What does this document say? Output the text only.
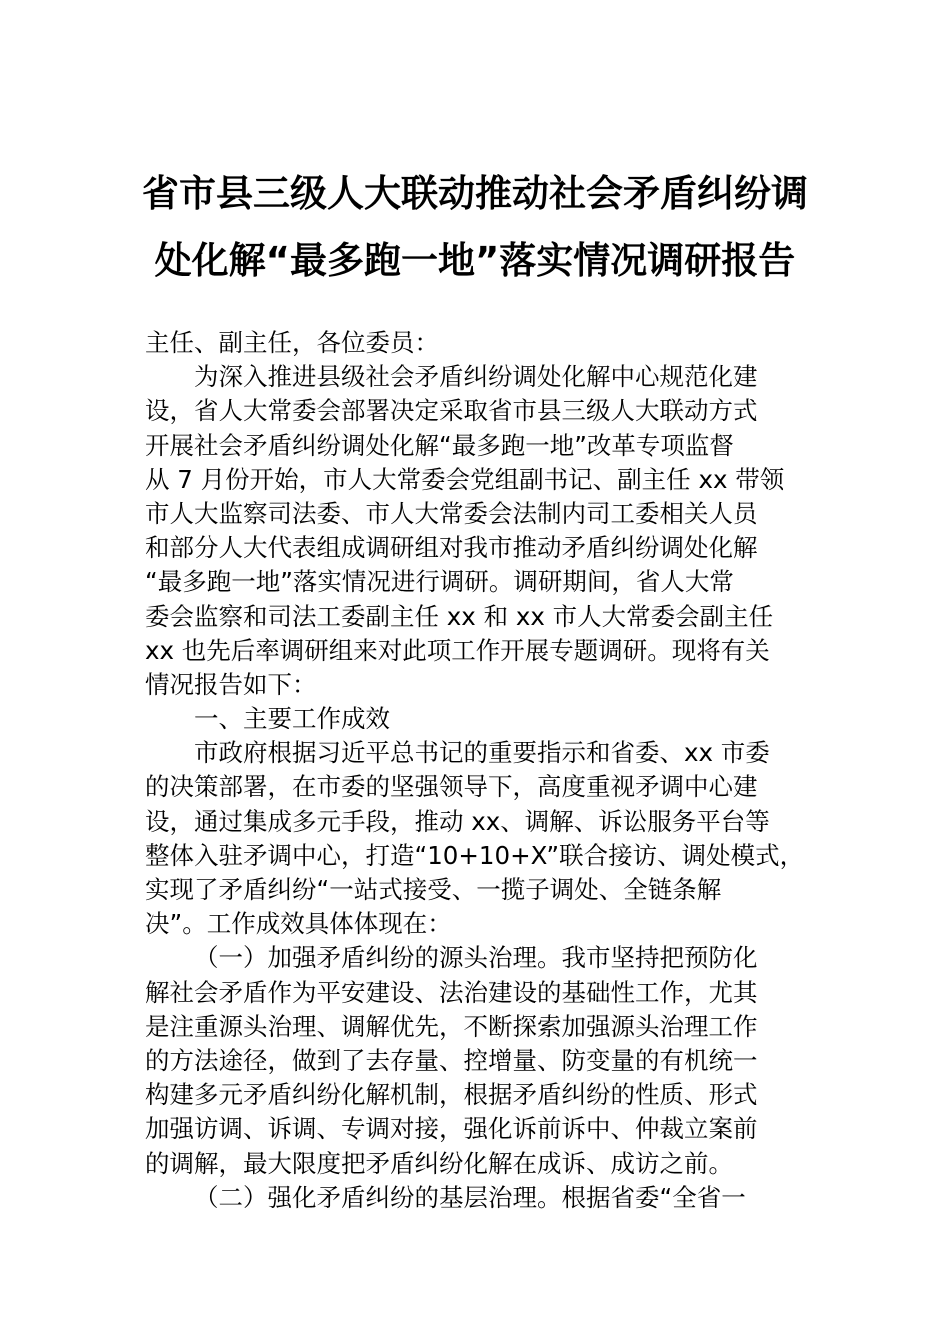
省市县三级人大联动推动社会矛盾纠纷调
处化解“最多跑一地”落实情况调研报告
主任、副主任，各位委员：
为深入推进县级社会矛盾纠纷调处化解中心规范化建
设，省人大常委会部署决定采取省市县三级人大联动方式
开展社会矛盾纠纷调处化解“最多跑一地”改革专项监督
从 7 月份开始，市人大常委会党组副书记、副主任 xx 带领
市人大监察司法委、市人大常委会法制内司工委相关人员
和部分人大代表组成调研组对我市推动矛盾纠纷调处化解
“最多跑一地”落实情况进行调研。调研期间，省人大常
委会监察和司法工委副主任 xx 和 xx 市人大常委会副主任
xx 也先后率调研组来对此项工作开展专题调研。现将有关
情况报告如下：
一、主要工作成效
市政府根据习近平总书记的重要指示和省委、xx 市委
的决策部署，在市委的坚强领导下，高度重视矛调中心建
设，通过集成多元手段，推动 xx、调解、诉讼服务平台等
整体入驻矛调中心，打造“10+10+X”联合接访、调处模式，
实现了矛盾纠纷“一站式接受、一揽子调处、全链条解
决”。工作成效具体体现在：
（一）加强矛盾纠纷的源头治理。我市坚持把预防化
解社会矛盾作为平安建设、法治建设的基础性工作，尤其
是注重源头治理、调解优先，不断探索加强源头治理工作
的方法途径，做到了去存量、控增量、防变量的有机统一
构建多元矛盾纠纷化解机制，根据矛盾纠纷的性质、形式
加强访调、诉调、专调对接，强化诉前诉中、仲裁立案前
的调解，最大限度把矛盾纠纷化解在成诉、成访之前。
（二）强化矛盾纠纷的基层治理。根据省委“全省一
